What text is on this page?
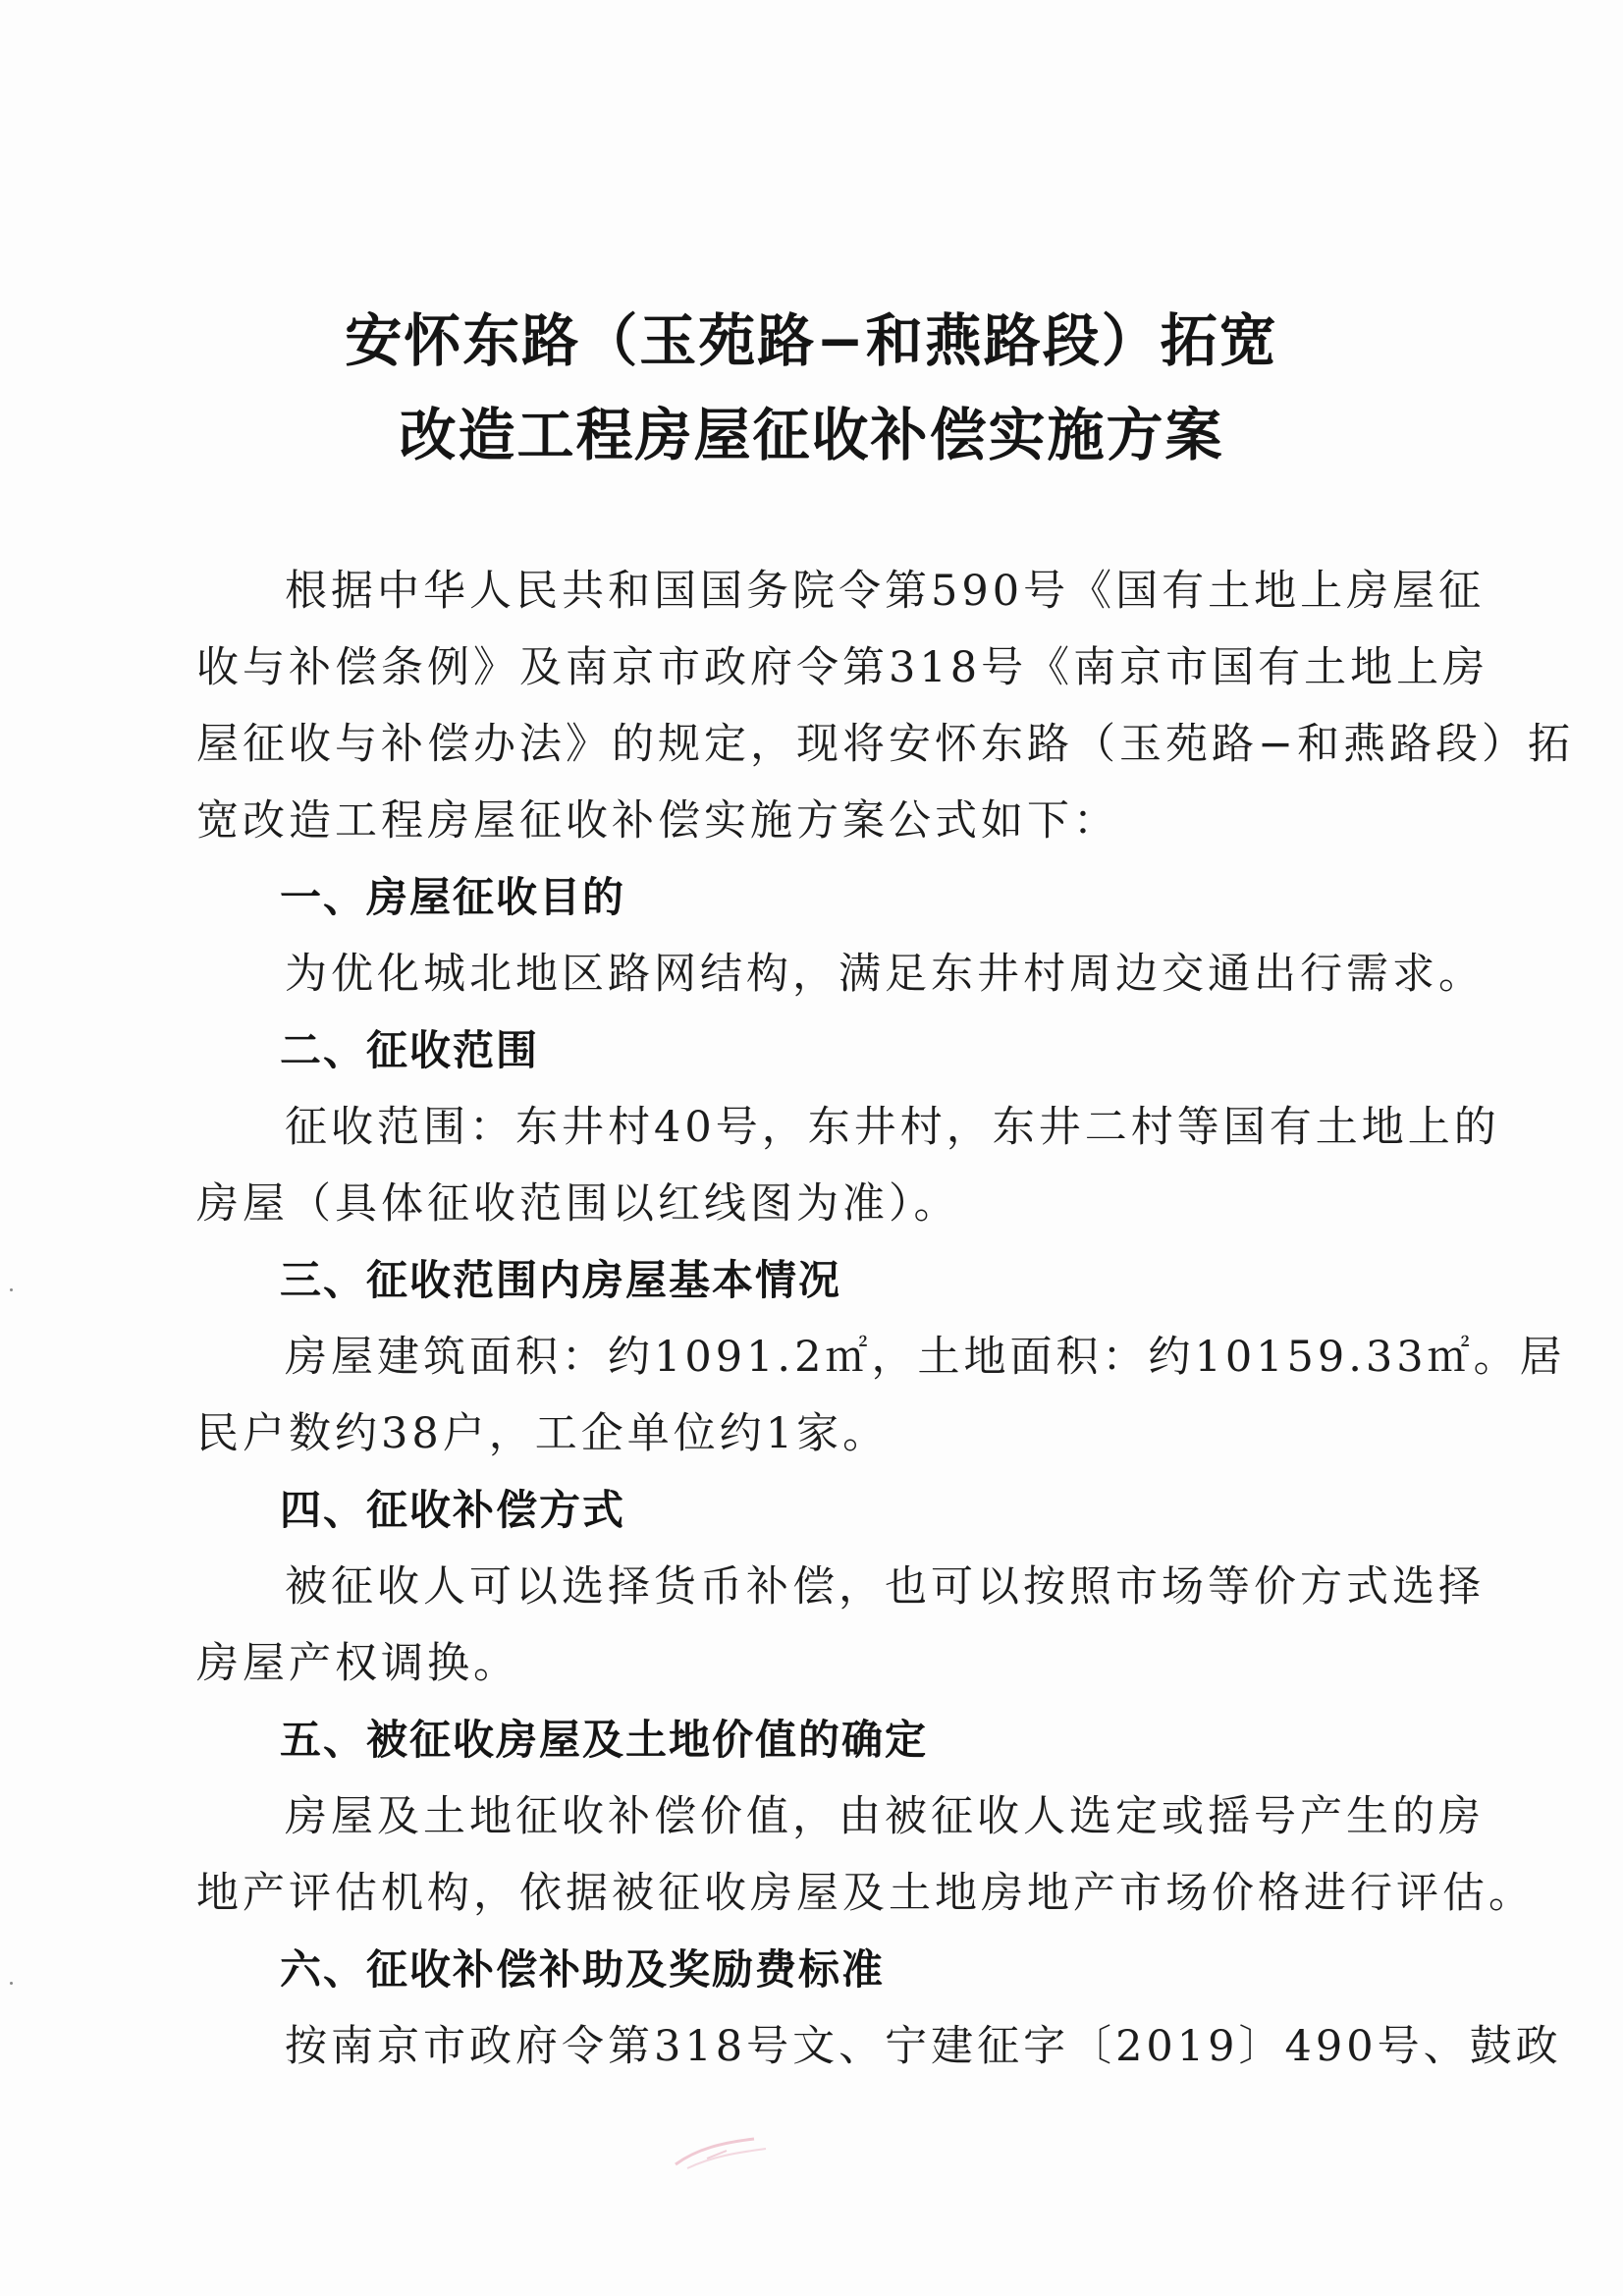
安怀东路（玉苑路−和燕路段）拓宽
改造工程房屋征收补偿实施方案
根据中华人民共和国国务院令第590号《国有土地上房屋征
收与补偿条例》及南京市政府令第318号《南京市国有土地上房
屋征收与补偿办法》的规定，现将安怀东路（玉苑路−和燕路段）拓
宽改造工程房屋征收补偿实施方案公式如下：
一、房屋征收目的
为优化城北地区路网结构，满足东井村周边交通出行需求。
二、征收范围
征收范围：东井村40号，东井村，东井二村等国有土地上的
房屋（具体征收范围以红线图为准）。
三、征收范围内房屋基本情况
房屋建筑面积：约1091.2㎡，土地面积：约10159.33㎡。居
民户数约38户，工企单位约1家。
四、征收补偿方式
被征收人可以选择货币补偿，也可以按照市场等价方式选择
房屋产权调换。
五、被征收房屋及土地价值的确定
房屋及土地征收补偿价值，由被征收人选定或摇号产生的房
地产评估机构，依据被征收房屋及土地房地产市场价格进行评估。
六、征收补偿补助及奖励费标准
按南京市政府令第318号文、宁建征字〔2019〕490号、鼓政
